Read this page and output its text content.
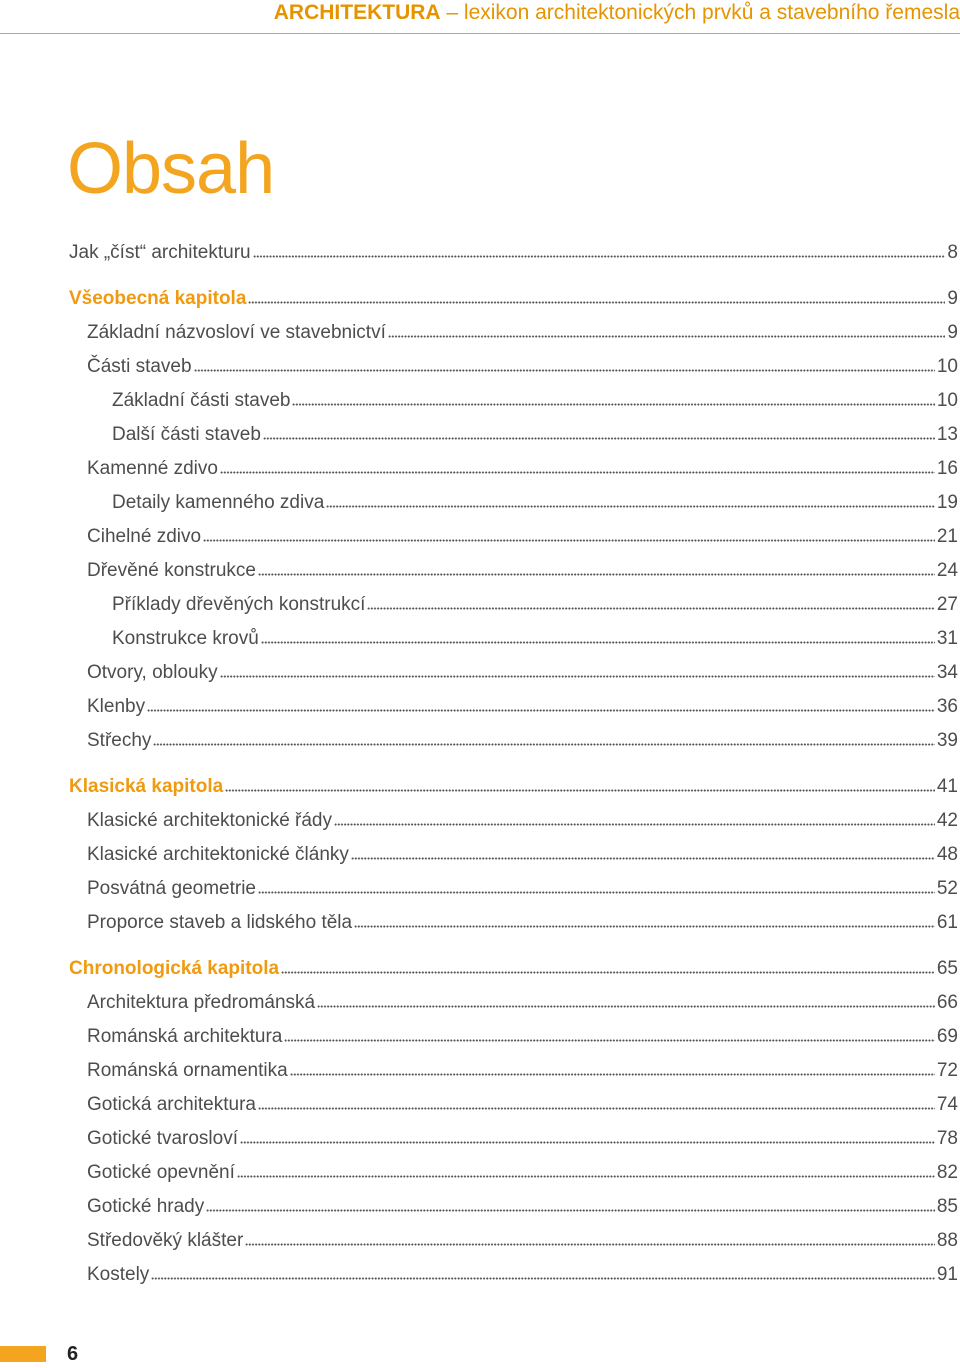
ARCHITEKTURA – lexikon architektonických prvků a stavebního řemesla
Obsah
Jak „číst“ architekturu	8
Všeobecná kapitola	9
Základní názvosloví ve stavebnictví	9
Části staveb	10
Základní části staveb	10
Další části staveb	13
Kamenné zdivo	16
Detaily kamenného zdiva	19
Cihelné zdivo	21
Dřevěné konstrukce	24
Příklady dřevěných konstrukcí	27
Konstrukce krovů	31
Otvory, oblouky	34
Klenby	36
Střechy	39
Klasická kapitola	41
Klasické architektonické řády	42
Klasické architektonické články	48
Posvátná geometrie	52
Proporce staveb a lidského těla	61
Chronologická kapitola	65
Architektura předrománská	66
Románská architektura	69
Románská ornamentika	72
Gotická architektura	74
Gotické tvarosloví	78
Gotické opevnění	82
Gotické hrady	85
Středověký klášter	88
Kostely	91
6
